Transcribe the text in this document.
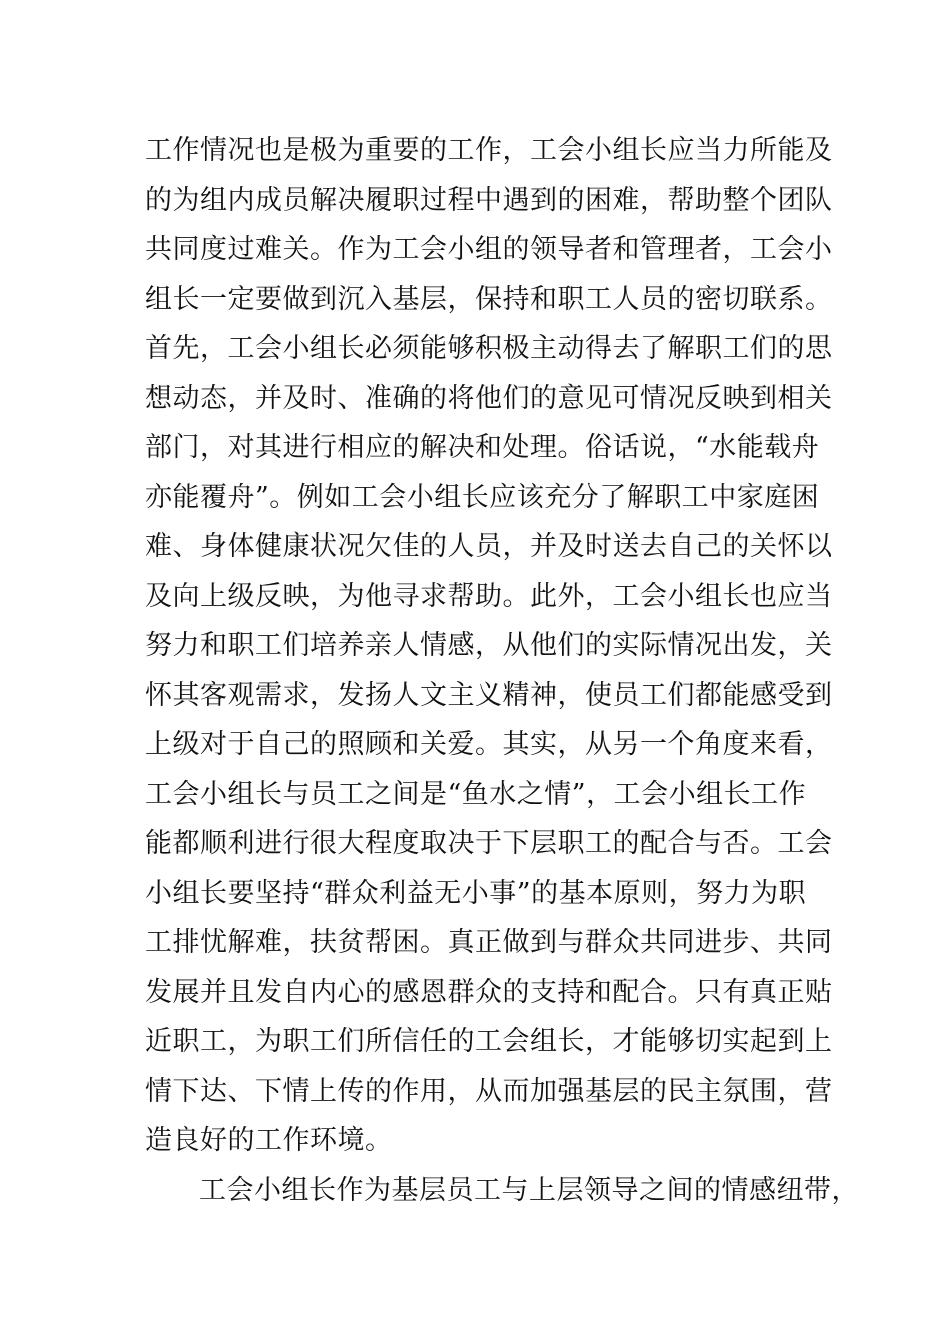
工作情况也是极为重要的工作，工会小组长应当力所能及
的为组内成员解决履职过程中遇到的困难，帮助整个团队
共同度过难关。作为工会小组的领导者和管理者，工会小
组长一定要做到沉入基层，保持和职工人员的密切联系。
首先，工会小组长必须能够积极主动得去了解职工们的思
想动态，并及时、准确的将他们的意见可情况反映到相关
部门，对其进行相应的解决和处理。俗话说，“水能载舟
亦能覆舟”。例如工会小组长应该充分了解职工中家庭困
难、身体健康状况欠佳的人员，并及时送去自己的关怀以
及向上级反映，为他寻求帮助。此外，工会小组长也应当
努力和职工们培养亲人情感，从他们的实际情况出发，关
怀其客观需求，发扬人文主义精神，使员工们都能感受到
上级对于自己的照顾和关爱。其实，从另一个角度来看，
工会小组长与员工之间是“鱼水之情”，工会小组长工作
能都顺利进行很大程度取决于下层职工的配合与否。工会
小组长要坚持“群众利益无小事”的基本原则，努力为职
工排忧解难，扶贫帮困。真正做到与群众共同进步、共同
发展并且发自内心的感恩群众的支持和配合。只有真正贴
近职工，为职工们所信任的工会组长，才能够切实起到上
情下达、下情上传的作用，从而加强基层的民主氛围，营
造良好的工作环境。
工会小组长作为基层员工与上层领导之间的情感纽带，
